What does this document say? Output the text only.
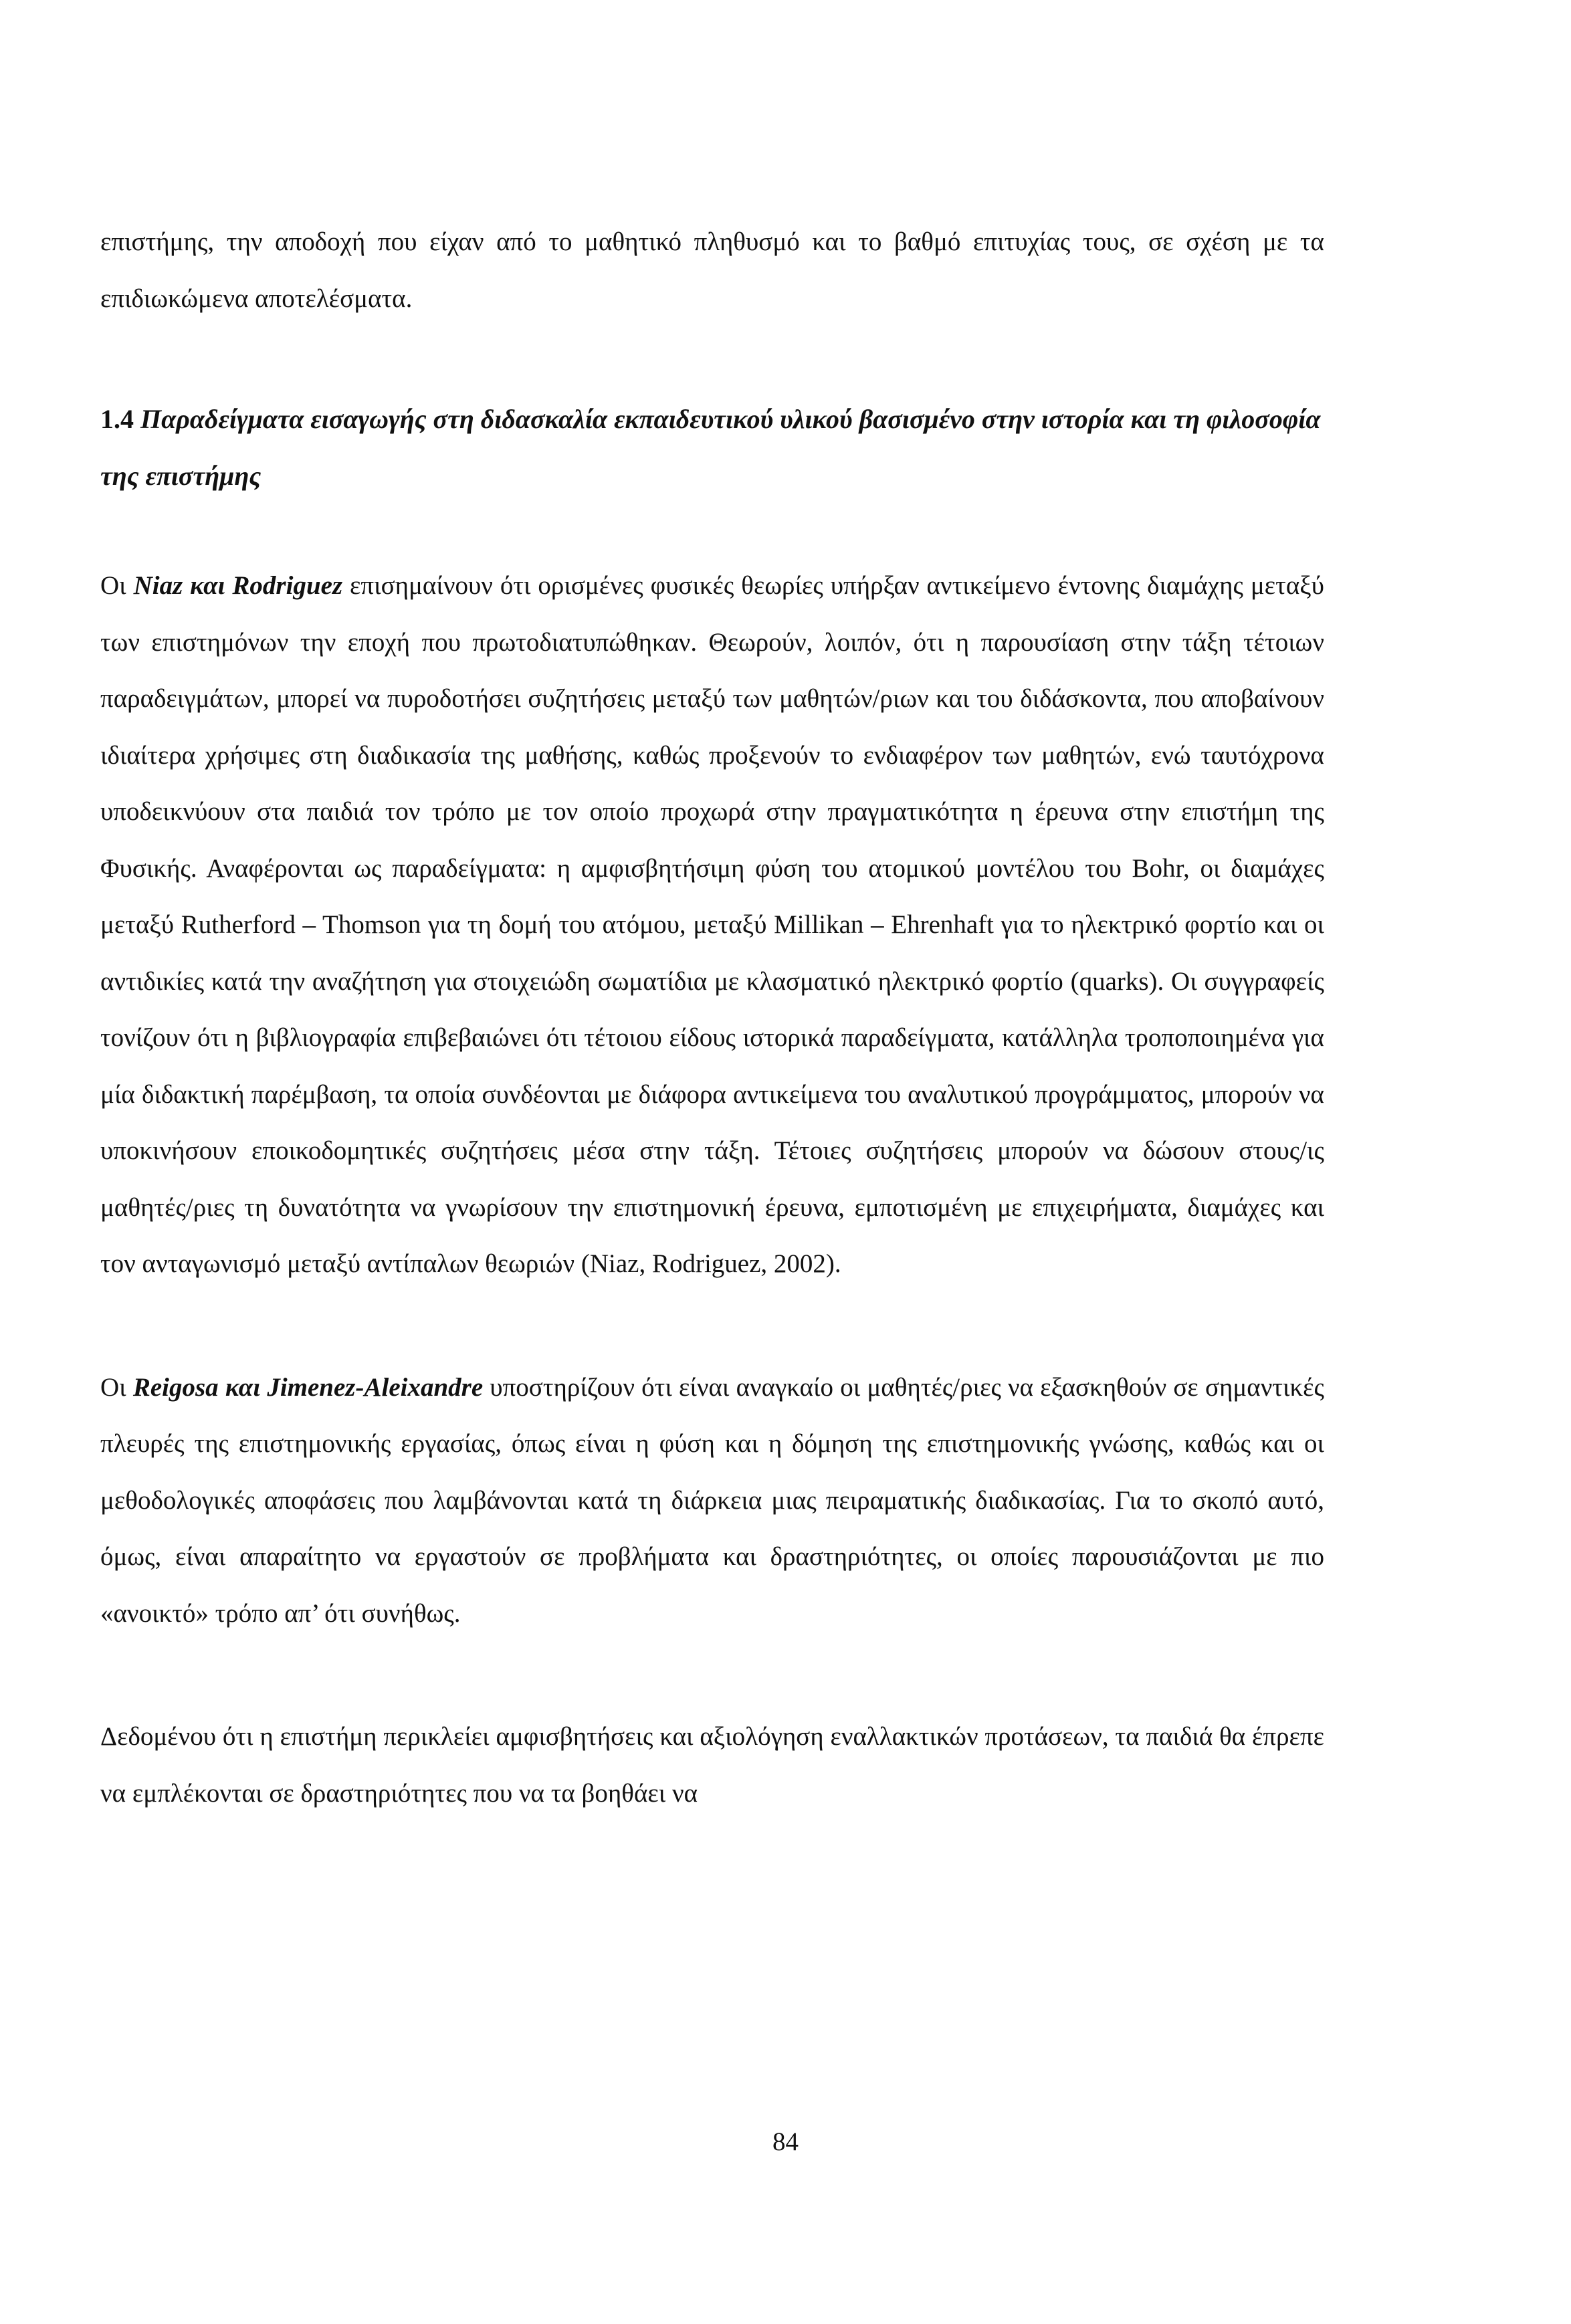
επιστήμης, την αποδοχή που είχαν από το μαθητικό πληθυσμό και το βαθμό επιτυχίας τους, σε σχέση με τα επιδιωκώμενα αποτελέσματα.

1.4 Παραδείγματα εισαγωγής στη διδασκαλία εκπαιδευτικού υλικού βασισμένο στην ιστορία και τη φιλοσοφία της επιστήμης

Οι Niaz και Rodriguez επισημαίνουν ότι ορισμένες φυσικές θεωρίες υπήρξαν αντικείμενο έντονης διαμάχης μεταξύ των επιστημόνων την εποχή που πρωτοδιατυπώθηκαν. Θεωρούν, λοιπόν, ότι η παρουσίαση στην τάξη τέτοιων παραδειγμάτων, μπορεί να πυροδοτήσει συζητήσεις μεταξύ των μαθητών/ριων και του διδάσκοντα, που αποβαίνουν ιδιαίτερα χρήσιμες στη διαδικασία της μαθήσης, καθώς προξενούν το ενδιαφέρον των μαθητών, ενώ ταυτόχρονα υποδεικνύουν στα παιδιά τον τρόπο με τον οποίο προχωρά στην πραγματικότητα η έρευνα στην επιστήμη της Φυσικής. Αναφέρονται ως παραδείγματα: η αμφισβητήσιμη φύση του ατομικού μοντέλου του Bohr, οι διαμάχες μεταξύ Rutherford – Thomson για τη δομή του ατόμου, μεταξύ Millikan – Ehrenhaft για το ηλεκτρικό φορτίο και οι αντιδικίες κατά την αναζήτηση για στοιχειώδη σωματίδια με κλασματικό ηλεκτρικό φορτίο (quarks). Οι συγγραφείς τονίζουν ότι η βιβλιογραφία επιβεβαιώνει ότι τέτοιου είδους ιστορικά παραδείγματα, κατάλληλα τροποποιημένα για μία διδακτική παρέμβαση, τα οποία συνδέονται με διάφορα αντικείμενα του αναλυτικού προγράμματος, μπορούν να υποκινήσουν εποικοδομητικές συζητήσεις μέσα στην τάξη. Τέτοιες συζητήσεις μπορούν να δώσουν στους/ις μαθητές/ριες τη δυνατότητα να γνωρίσουν την επιστημονική έρευνα, εμποτισμένη με επιχειρήματα, διαμάχες και τον ανταγωνισμό μεταξύ αντίπαλων θεωριών (Niaz, Rodriguez, 2002).

Οι Reigosa και Jimenez-Aleixandre υποστηρίζουν ότι είναι αναγκαίο οι μαθητές/ριες να εξασκηθούν σε σημαντικές πλευρές της επιστημονικής εργασίας, όπως είναι η φύση και η δόμηση της επιστημονικής γνώσης, καθώς και οι μεθοδολογικές αποφάσεις που λαμβάνονται κατά τη διάρκεια μιας πειραματικής διαδικασίας. Για το σκοπό αυτό, όμως, είναι απαραίτητο να εργαστούν σε προβλήματα και δραστηριότητες, οι οποίες παρουσιάζονται με πιο «ανοικτό» τρόπο απ’ ότι συνήθως.

Δεδομένου ότι η επιστήμη περικλείει αμφισβητήσεις και αξιολόγηση εναλλακτικών προτάσεων, τα παιδιά θα έπρεπε να εμπλέκονται σε δραστηριότητες που να τα βοηθάει να

84
